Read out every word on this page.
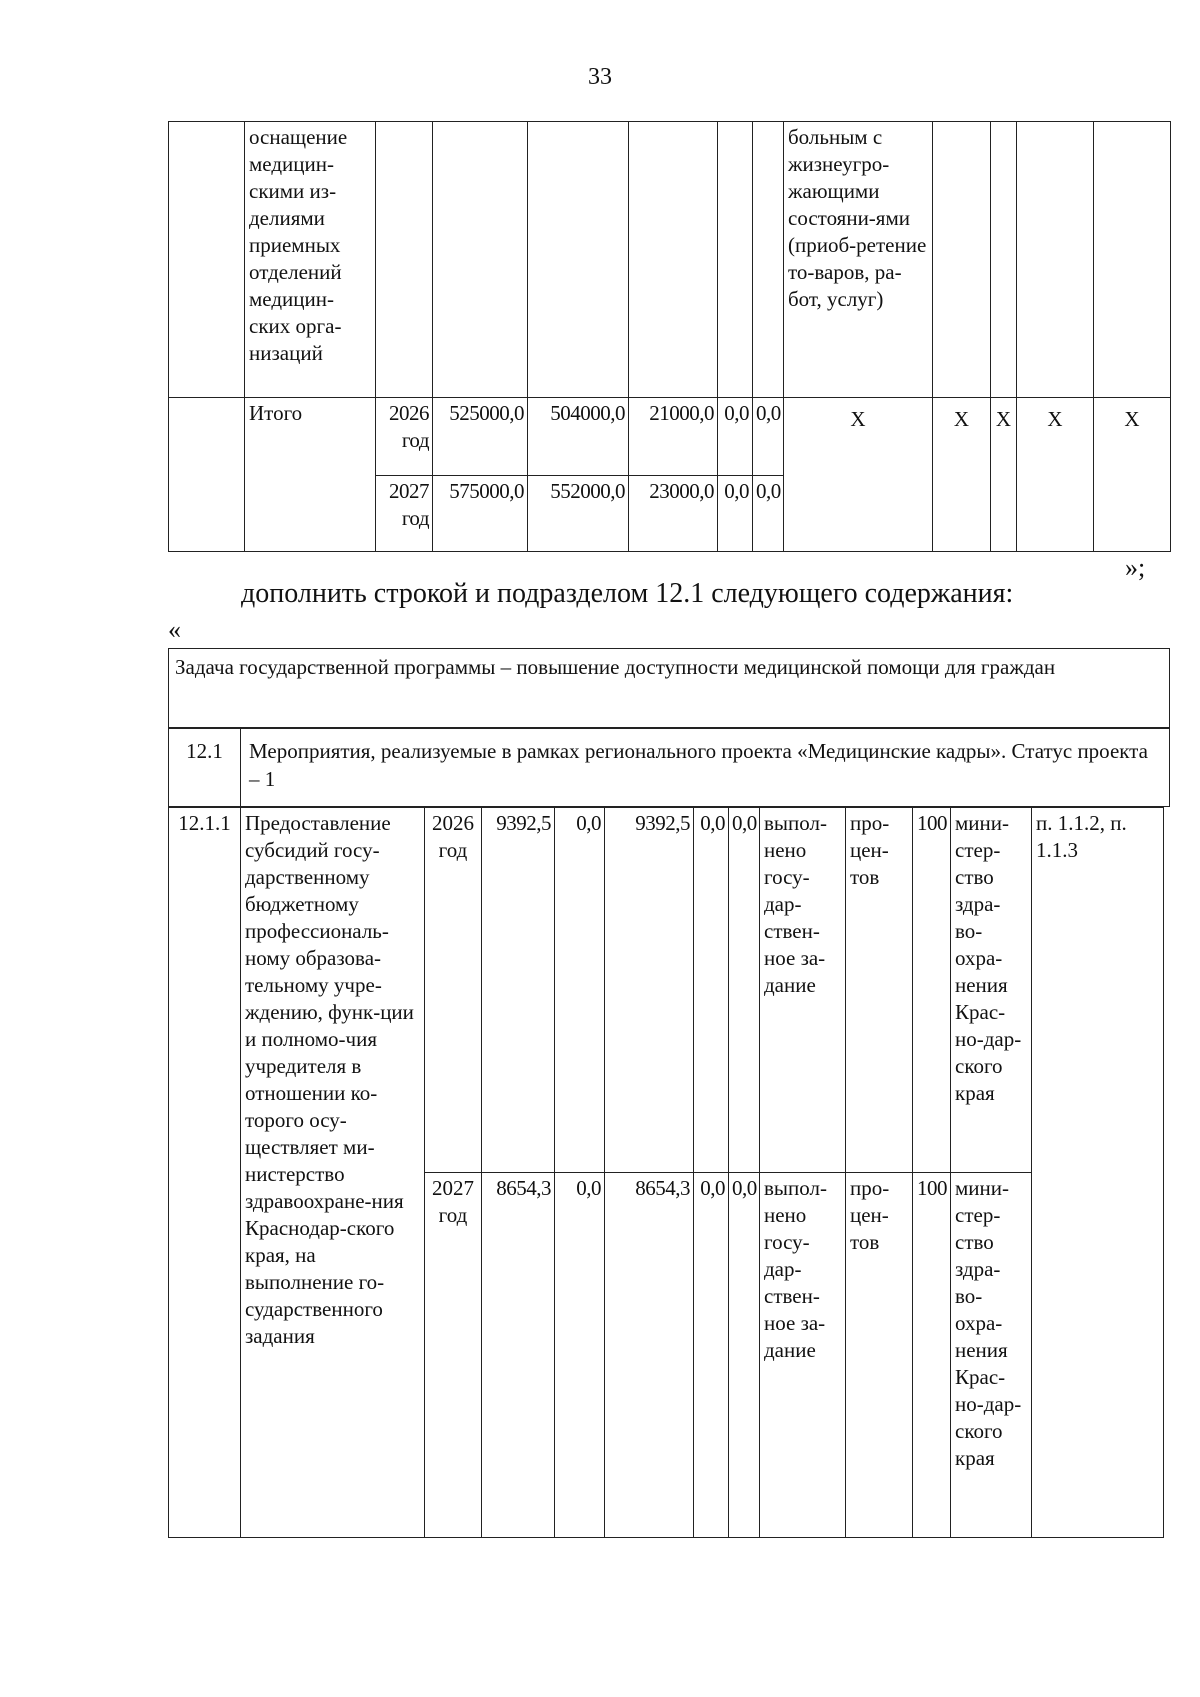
33
	оснащение медицин-скими из-делиями приемных отделений медицин-ских орга-низаций							больным с жизнеугро-жающими состояни-ями (приоб-ретение то-варов, ра-бот, услуг)				
	Итого	2026 год	525000,0	504000,0	21000,0	0,0	0,0	X	X	X	X	X
		2027 год	575000,0	552000,0	23000,0	0,0	0,0					
»;
дополнить строкой и подразделом 12.1 следующего содержания:
«
Задача государственной программы – повышение доступности медицинской помощи для граждан
12.1	Мероприятия, реализуемые в рамках регионального проекта «Медицинские кадры». Статус проекта – 1
12.1.1	Предоставление субсидий госу-дарственному бюджетному профессиональ-ному образова-тельному учре-ждению, функ-ции и полномо-чия учредителя в отношении ко-торого осу-ществляет ми-нистерство здравоохране-ния Краснодар-ского края, на выполнение го-сударственного задания	2026 год	9392,5	0,0	9392,5	0,0	0,0	выпол-нено госу-дар-ствен-ное за-дание	про-цен-тов	100	мини-стер-ство здра-во-охра-нения Крас-но-дар-ского края	п. 1.1.2, п. 1.1.3
		2027 год	8654,3	0,0	8654,3	0,0	0,0	выпол-нено госу-дар-ствен-ное за-дание	про-цен-тов	100	мини-стер-ство здра-во-охра-нения Крас-но-дар-ского края	
